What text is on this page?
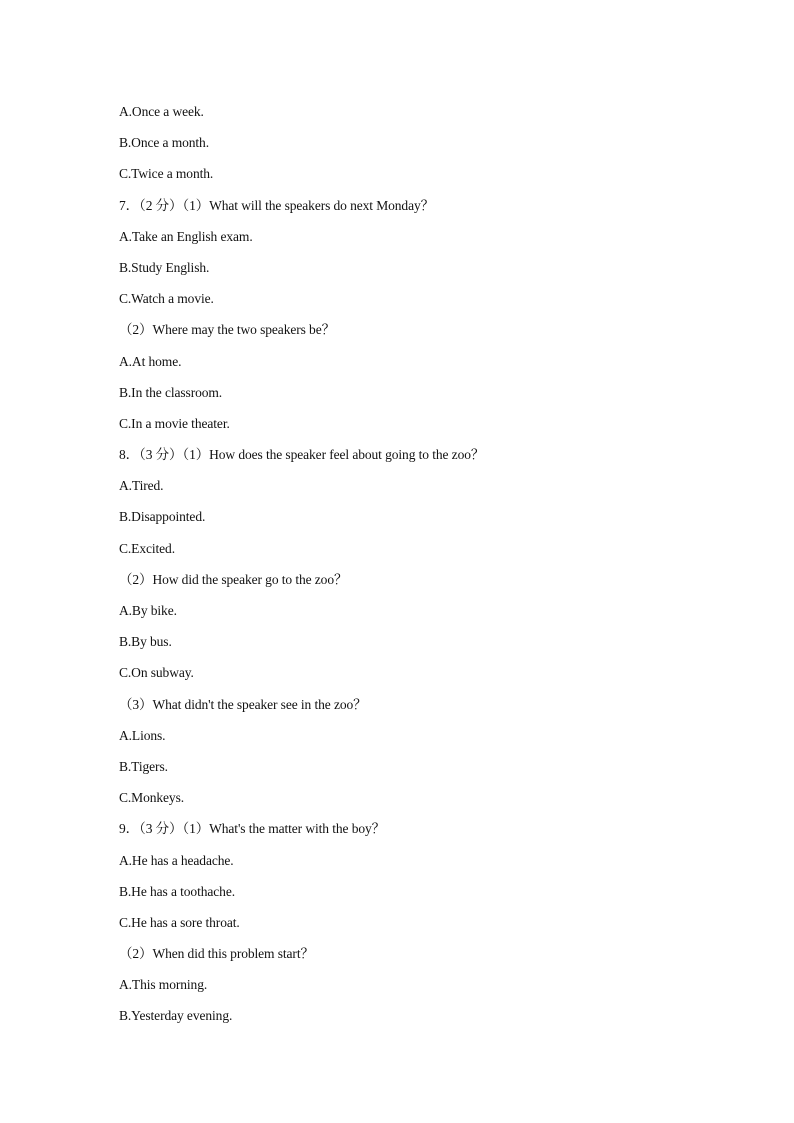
A.Once a week.
B.Once a month.
C.Twice a month.
7．（2 分）（1）What will the speakers do next Monday？
A.Take an English exam.
B.Study English.
C.Watch a movie.
（2）Where may the two speakers be？
A.At home.
B.In the classroom.
C.In a movie theater.
8．（3 分）（1）How does the speaker feel about going to the zoo？
A.Tired.
B.Disappointed.
C.Excited.
（2）How did the speaker go to the zoo？
A.By bike.
B.By bus.
C.On subway.
（3）What didn't the speaker see in the zoo？
A.Lions.
B.Tigers.
C.Monkeys.
9．（3 分）（1）What's the matter with the boy？
A.He has a headache.
B.He has a toothache.
C.He has a sore throat.
（2）When did this problem start？
A.This morning.
B.Yesterday evening.
